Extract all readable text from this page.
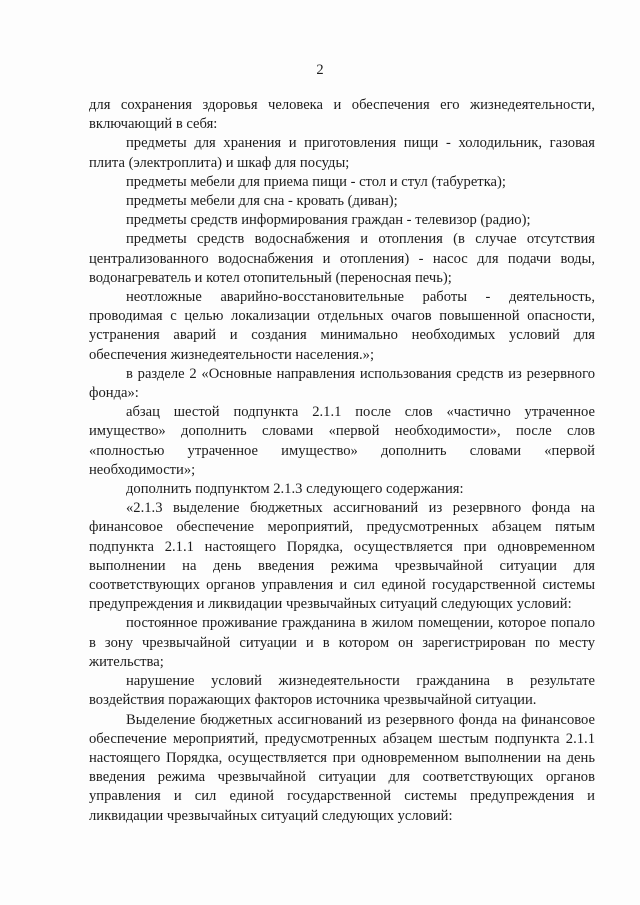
2

для сохранения здоровья человека и обеспечения его жизнедеятельности, включающий в себя:

предметы для хранения и приготовления пищи - холодильник, газовая плита (электроплита) и шкаф для посуды;

предметы мебели для приема пищи - стол и стул (табуретка);

предметы мебели для сна - кровать (диван);

предметы средств информирования граждан - телевизор (радио);

предметы средств водоснабжения и отопления (в случае отсутствия централизованного водоснабжения и отопления) - насос для подачи воды, водонагреватель и котел отопительный (переносная печь);

неотложные аварийно-восстановительные работы - деятельность, проводимая с целью локализации отдельных очагов повышенной опасности, устранения аварий и создания минимально необходимых условий для обеспечения жизнедеятельности населения.»;

в разделе 2 «Основные направления использования средств из резервного фонда»:

абзац шестой подпункта 2.1.1 после слов «частично утраченное имущество» дополнить словами «первой необходимости», после слов «полностью утраченное имущество» дополнить словами «первой необходимости»;

дополнить подпунктом 2.1.3 следующего содержания:

«2.1.3 выделение бюджетных ассигнований из резервного фонда на финансовое обеспечение мероприятий, предусмотренных абзацем пятым подпункта 2.1.1 настоящего Порядка, осуществляется при одновременном выполнении на день введения режима чрезвычайной ситуации для соответствующих органов управления и сил единой государственной системы предупреждения и ликвидации чрезвычайных ситуаций следующих условий:

постоянное проживание гражданина в жилом помещении, которое попало в зону чрезвычайной ситуации и в котором он зарегистрирован по месту жительства;

нарушение условий жизнедеятельности гражданина в результате воздействия поражающих факторов источника чрезвычайной ситуации.

Выделение бюджетных ассигнований из резервного фонда на финансовое обеспечение мероприятий, предусмотренных абзацем шестым подпункта 2.1.1 настоящего Порядка, осуществляется при одновременном выполнении на день введения режима чрезвычайной ситуации для соответствующих органов управления и сил единой государственной системы предупреждения и ликвидации чрезвычайных ситуаций следующих условий:
